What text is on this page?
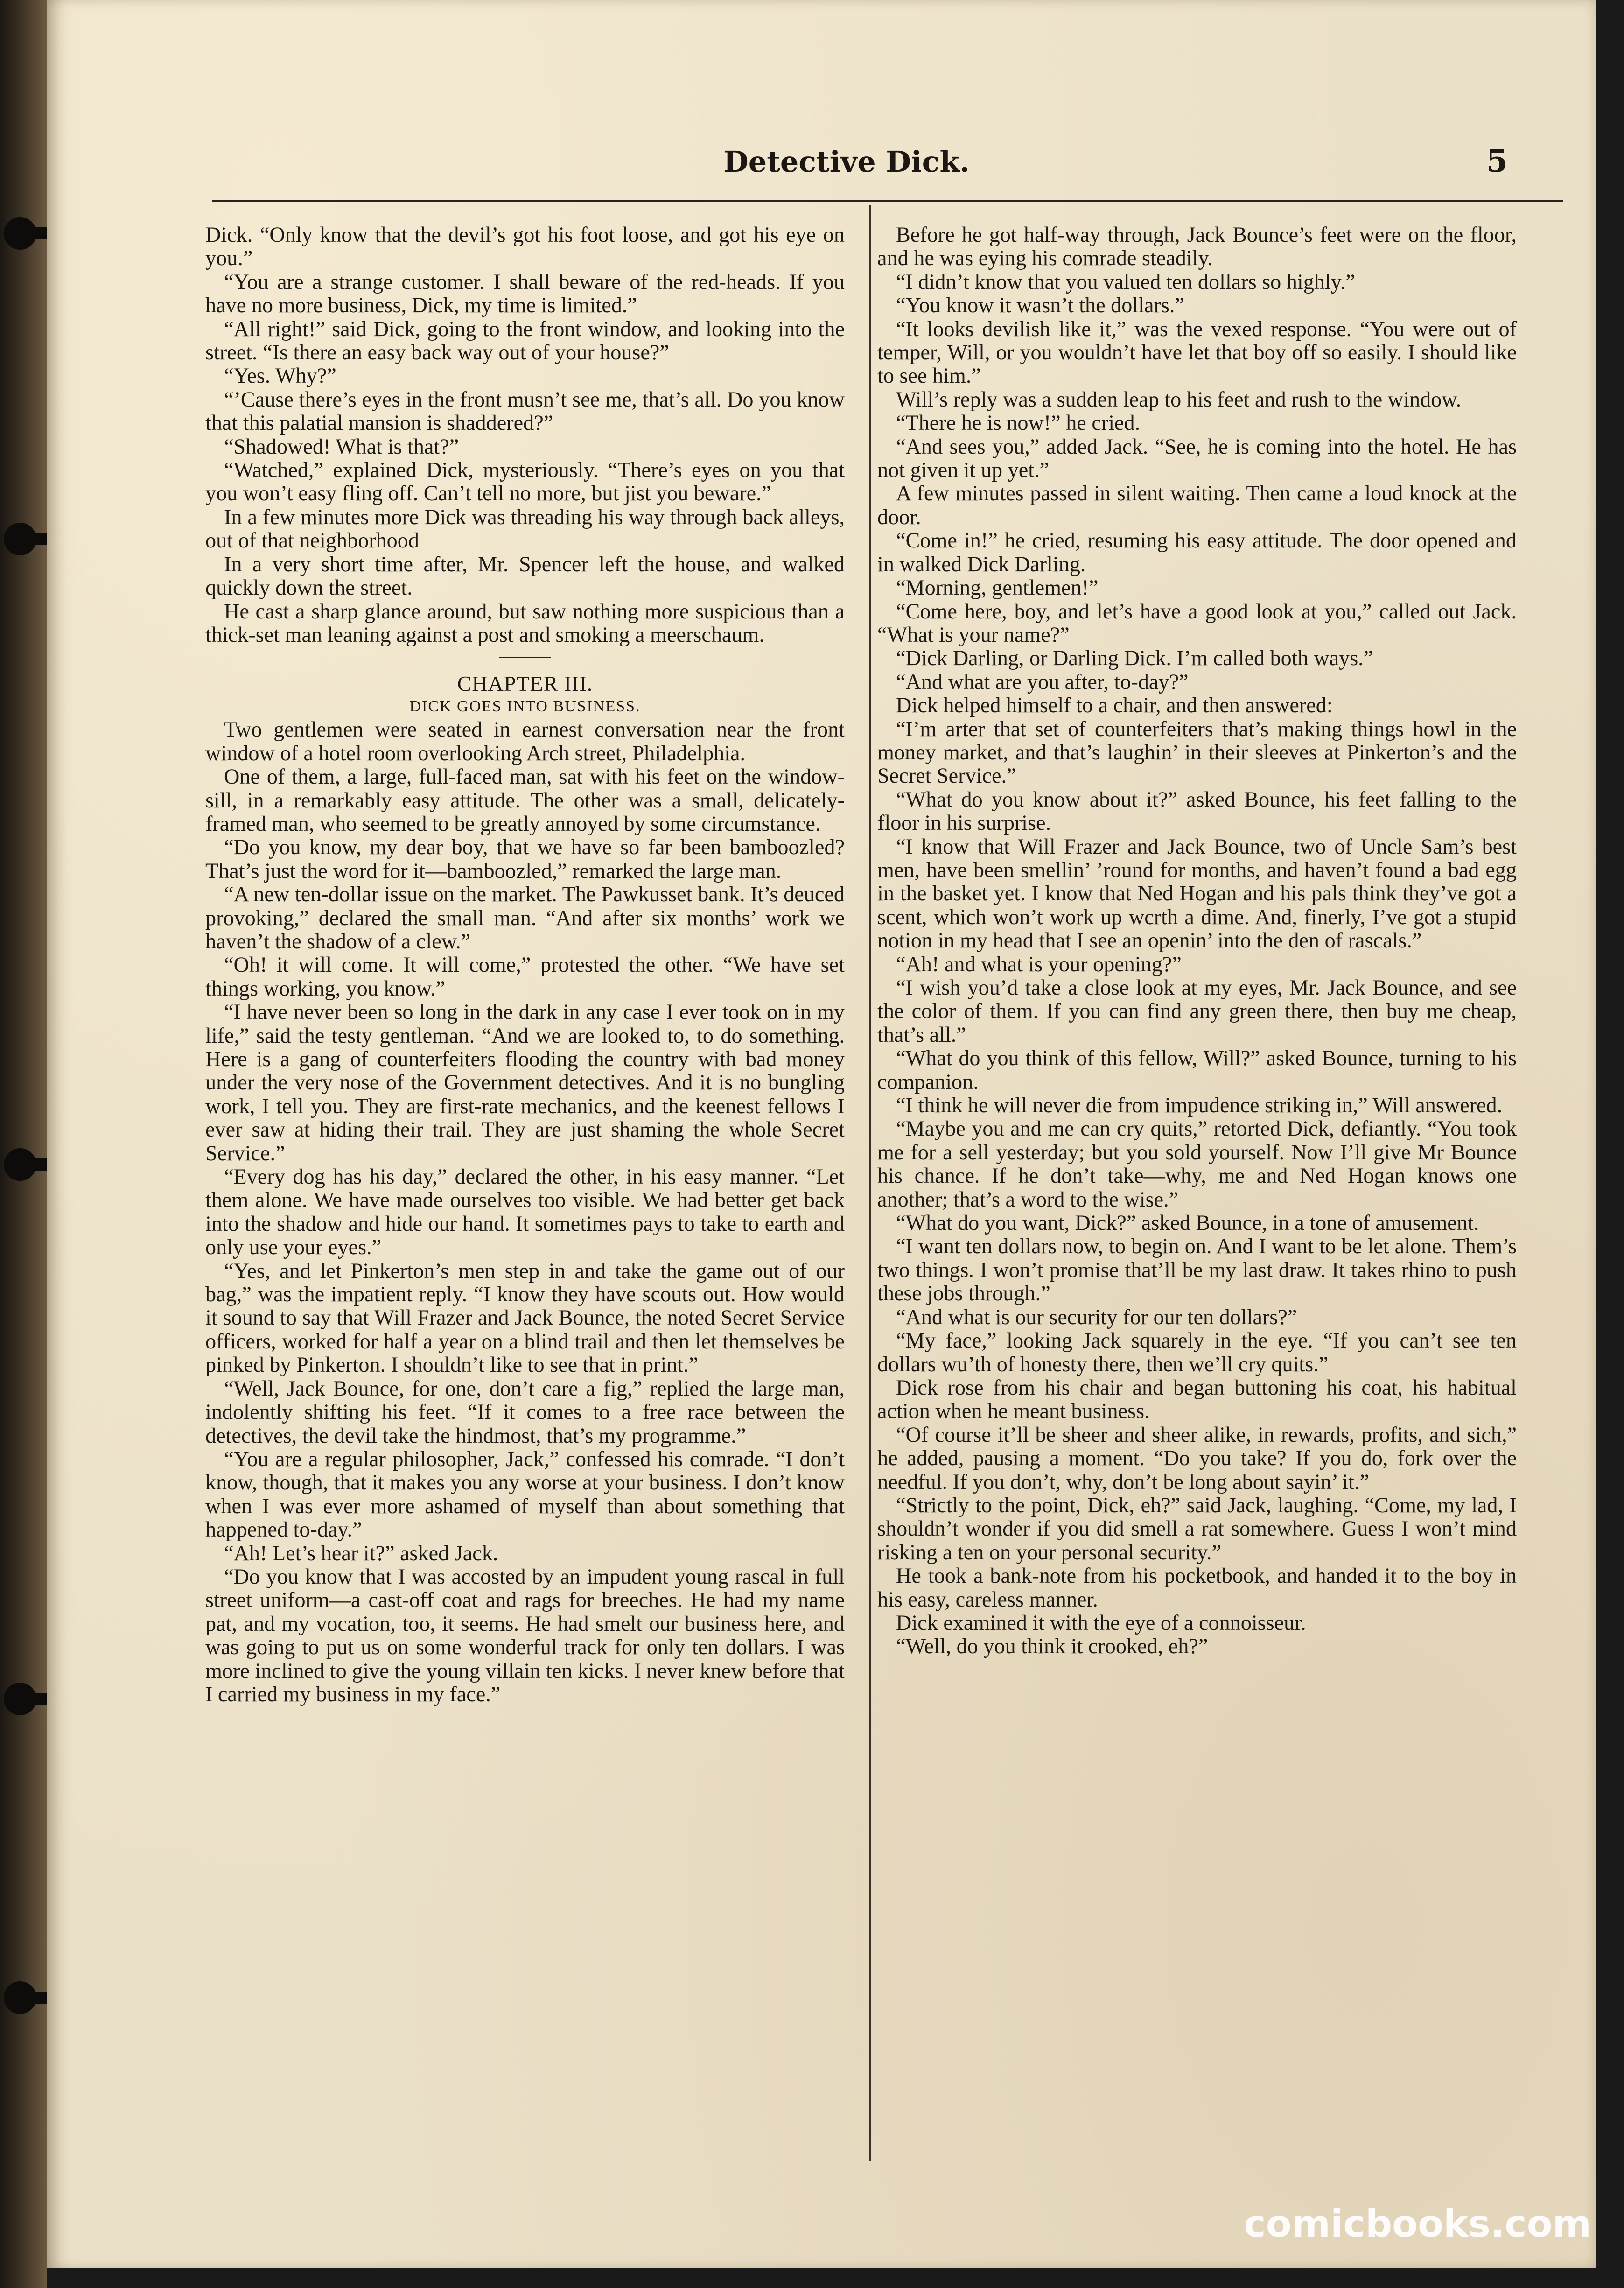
Detective Dick.	5

Dick. “Only know that the devil’s got his foot loose, and got his eye on you.”

“You are a strange customer. I shall beware of the red-heads. If you have no more business, Dick, my time is limited.”

“All right!” said Dick, going to the front window, and looking into the street. “Is there an easy back way out of your house?”

“Yes. Why?”

“’Cause there’s eyes in the front musn’t see me, that’s all. Do you know that this palatial mansion is shaddered?”

“Shadowed! What is that?”

“Watched,” explained Dick, mysteriously. “There’s eyes on you that you won’t easy fling off. Can’t tell no more, but jist you beware.”

In a few minutes more Dick was threading his way through back alleys, out of that neighborhood

In a very short time after, Mr. Spencer left the house, and walked quickly down the street.

He cast a sharp glance around, but saw nothing more suspicious than a thick-set man leaning against a post and smoking a meerschaum.

CHAPTER III.

DICK GOES INTO BUSINESS.

Two gentlemen were seated in earnest conversation near the front window of a hotel room overlooking Arch street, Philadelphia.

One of them, a large, full-faced man, sat with his feet on the window-sill, in a remarkably easy attitude. The other was a small, delicately-framed man, who seemed to be greatly annoyed by some circumstance.

“Do you know, my dear boy, that we have so far been bamboozled? That’s just the word for it—bamboozled,” remarked the large man.

“A new ten-dollar issue on the market. The Pawkusset bank. It’s deuced provoking,” declared the small man. “And after six months’ work we haven’t the shadow of a clew.”

“Oh! it will come. It will come,” protested the other. “We have set things working, you know.”

“I have never been so long in the dark in any case I ever took on in my life,” said the testy gentleman. “And we are looked to, to do something. Here is a gang of counterfeiters flooding the country with bad money under the very nose of the Government detectives. And it is no bungling work, I tell you. They are first-rate mechanics, and the keenest fellows I ever saw at hiding their trail. They are just shaming the whole Secret Service.”

“Every dog has his day,” declared the other, in his easy manner. “Let them alone. We have made ourselves too visible. We had better get back into the shadow and hide our hand. It sometimes pays to take to earth and only use your eyes.”

“Yes, and let Pinkerton’s men step in and take the game out of our bag,” was the impatient reply. “I know they have scouts out. How would it sound to say that Will Frazer and Jack Bounce, the noted Secret Service officers, worked for half a year on a blind trail and then let themselves be pinked by Pinkerton. I shouldn’t like to see that in print.”

“Well, Jack Bounce, for one, don’t care a fig,” replied the large man, indolently shifting his feet. “If it comes to a free race between the detectives, the devil take the hindmost, that’s my programme.”

“You are a regular philosopher, Jack,” confessed his comrade. “I don’t know, though, that it makes you any worse at your business. I don’t know when I was ever more ashamed of myself than about something that happened to-day.”

“Ah! Let’s hear it?” asked Jack.

“Do you know that I was accosted by an impudent young rascal in full street uniform—a cast-off coat and rags for breeches. He had my name pat, and my vocation, too, it seems. He had smelt our business here, and was going to put us on some wonderful track for only ten dollars. I was more inclined to give the young villain ten kicks. I never knew before that I carried my business in my face.”

Before he got half-way through, Jack Bounce’s feet were on the floor, and he was eying his comrade steadily.

“I didn’t know that you valued ten dollars so highly.”

“You know it wasn’t the dollars.”

“It looks devilish like it,” was the vexed response. “You were out of temper, Will, or you wouldn’t have let that boy off so easily. I should like to see him.”

Will’s reply was a sudden leap to his feet and rush to the window.

“There he is now!” he cried.

“And sees you,” added Jack. “See, he is coming into the hotel. He has not given it up yet.”

A few minutes passed in silent waiting. Then came a loud knock at the door.

“Come in!” he cried, resuming his easy attitude. The door opened and in walked Dick Darling.

“Morning, gentlemen!”

“Come here, boy, and let’s have a good look at you,” called out Jack. “What is your name?”

“Dick Darling, or Darling Dick. I’m called both ways.”

“And what are you after, to-day?”

Dick helped himself to a chair, and then answered:

“I’m arter that set of counterfeiters that’s making things howl in the money market, and that’s laughin’ in their sleeves at Pinkerton’s and the Secret Service.”

“What do you know about it?” asked Bounce, his feet falling to the floor in his surprise.

“I know that Will Frazer and Jack Bounce, two of Uncle Sam’s best men, have been smellin’ ’round for months, and haven’t found a bad egg in the basket yet. I know that Ned Hogan and his pals think they’ve got a scent, which won’t work up wcrth a dime. And, finerly, I’ve got a stupid notion in my head that I see an openin’ into the den of rascals.”

“Ah! and what is your opening?”

“I wish you’d take a close look at my eyes, Mr. Jack Bounce, and see the color of them. If you can find any green there, then buy me cheap, that’s all.”

“What do you think of this fellow, Will?” asked Bounce, turning to his companion.

“I think he will never die from impudence striking in,” Will answered.

“Maybe you and me can cry quits,” retorted Dick, defiantly. “You took me for a sell yesterday; but you sold yourself. Now I’ll give Mr Bounce his chance. If he don’t take—why, me and Ned Hogan knows one another; that’s a word to the wise.”

“What do you want, Dick?” asked Bounce, in a tone of amusement.

“I want ten dollars now, to begin on. And I want to be let alone. Them’s two things. I won’t promise that’ll be my last draw. It takes rhino to push these jobs through.”

“And what is our security for our ten dollars?”

“My face,” looking Jack squarely in the eye. “If you can’t see ten dollars wu’th of honesty there, then we’ll cry quits.”

Dick rose from his chair and began buttoning his coat, his habitual action when he meant business.

“Of course it’ll be sheer and sheer alike, in rewards, profits, and sich,” he added, pausing a moment. “Do you take? If you do, fork over the needful. If you don’t, why, don’t be long about sayin’ it.”

“Strictly to the point, Dick, eh?” said Jack, laughing. “Come, my lad, I shouldn’t wonder if you did smell a rat somewhere. Guess I won’t mind risking a ten on your personal security.”

He took a bank-note from his pocketbook, and handed it to the boy in his easy, careless manner.

Dick examined it with the eye of a connoisseur.

“Well, do you think it crooked, eh?”

comicbooks.com
